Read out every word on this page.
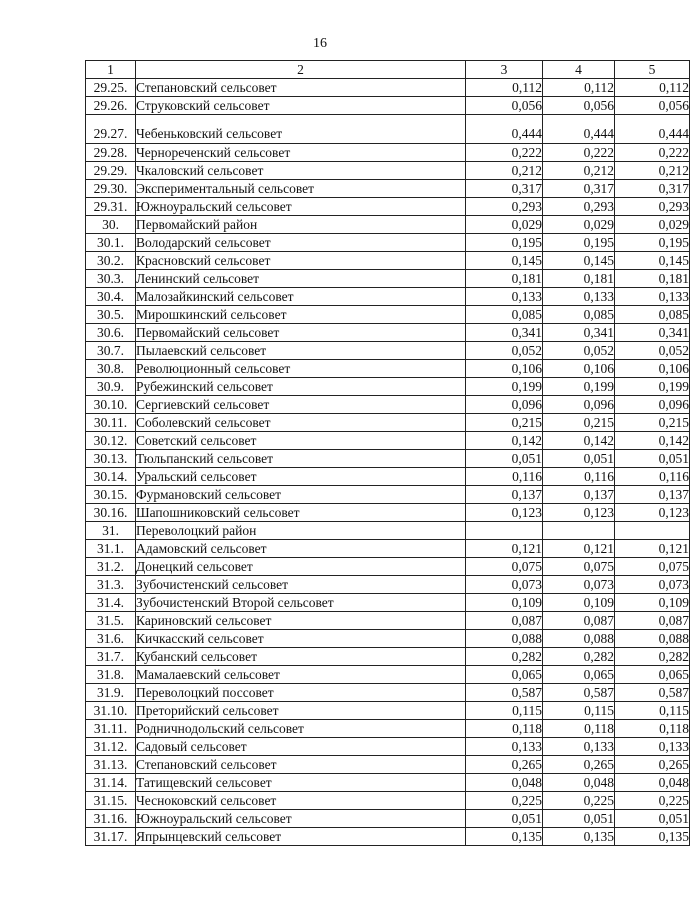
16
1	2	3	4	5
29.25.	Степановский сельсовет	0,112	0,112	0,112
29.26.	Струковский сельсовет	0,056	0,056	0,056
29.27.	Чебеньковский сельсовет	0,444	0,444	0,444
29.28.	Чернореченский сельсовет	0,222	0,222	0,222
29.29.	Чкаловский сельсовет	0,212	0,212	0,212
29.30.	Экспериментальный сельсовет	0,317	0,317	0,317
29.31.	Южноуральский сельсовет	0,293	0,293	0,293
30.	Первомайский район	0,029	0,029	0,029
30.1.	Володарский сельсовет	0,195	0,195	0,195
30.2.	Красновский сельсовет	0,145	0,145	0,145
30.3.	Ленинский сельсовет	0,181	0,181	0,181
30.4.	Малозайкинский сельсовет	0,133	0,133	0,133
30.5.	Мирошкинский сельсовет	0,085	0,085	0,085
30.6.	Первомайский сельсовет	0,341	0,341	0,341
30.7.	Пылаевский сельсовет	0,052	0,052	0,052
30.8.	Революционный сельсовет	0,106	0,106	0,106
30.9.	Рубежинский сельсовет	0,199	0,199	0,199
30.10.	Сергиевский сельсовет	0,096	0,096	0,096
30.11.	Соболевский сельсовет	0,215	0,215	0,215
30.12.	Советский сельсовет	0,142	0,142	0,142
30.13.	Тюльпанский сельсовет	0,051	0,051	0,051
30.14.	Уральский сельсовет	0,116	0,116	0,116
30.15.	Фурмановский сельсовет	0,137	0,137	0,137
30.16.	Шапошниковский сельсовет	0,123	0,123	0,123
31.	Переволоцкий район			
31.1.	Адамовский сельсовет	0,121	0,121	0,121
31.2.	Донецкий сельсовет	0,075	0,075	0,075
31.3.	Зубочистенский сельсовет	0,073	0,073	0,073
31.4.	Зубочистенский Второй сельсовет	0,109	0,109	0,109
31.5.	Кариновский сельсовет	0,087	0,087	0,087
31.6.	Кичкасский сельсовет	0,088	0,088	0,088
31.7.	Кубанский сельсовет	0,282	0,282	0,282
31.8.	Мамалаевский сельсовет	0,065	0,065	0,065
31.9.	Переволоцкий поссовет	0,587	0,587	0,587
31.10.	Преторийский сельсовет	0,115	0,115	0,115
31.11.	Родничнодольский сельсовет	0,118	0,118	0,118
31.12.	Садовый сельсовет	0,133	0,133	0,133
31.13.	Степановский сельсовет	0,265	0,265	0,265
31.14.	Татищевский сельсовет	0,048	0,048	0,048
31.15.	Чесноковский сельсовет	0,225	0,225	0,225
31.16.	Южноуральский сельсовет	0,051	0,051	0,051
31.17.	Япрынцевский сельсовет	0,135	0,135	0,135
